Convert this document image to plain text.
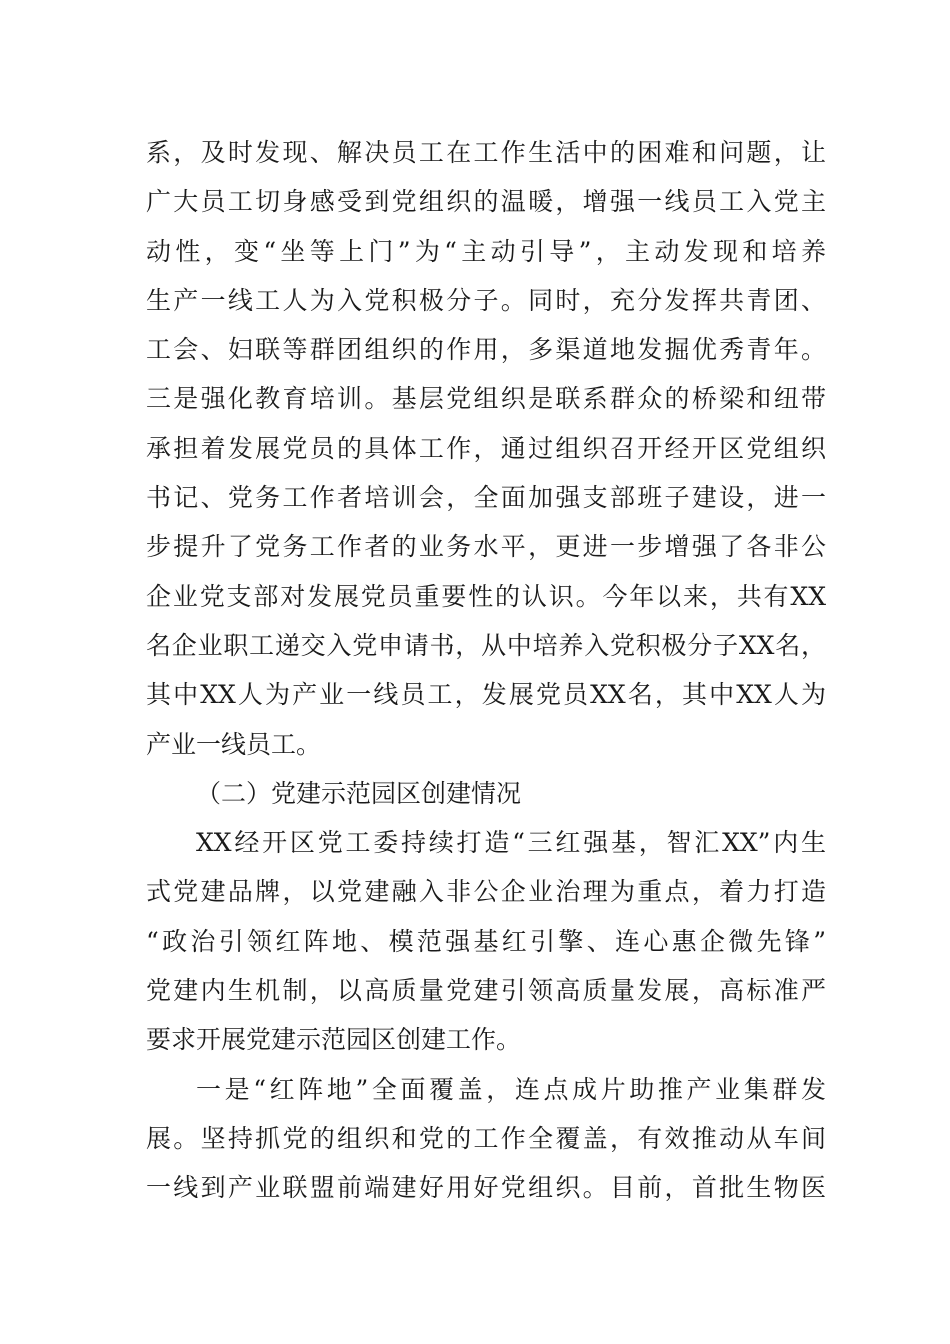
系，及时发现、解决员工在工作生活中的困难和问题，让
广大员工切身感受到党组织的温暖，增强一线员工入党主
动性，变“坐等上门”为“主动引导”，主动发现和培养
生产一线工人为入党积极分子。同时，充分发挥共青团、
工会、妇联等群团组织的作用，多渠道地发掘优秀青年。
三是强化教育培训。基层党组织是联系群众的桥梁和纽带
承担着发展党员的具体工作，通过组织召开经开区党组织
书记、党务工作者培训会，全面加强支部班子建设，进一
步提升了党务工作者的业务水平，更进一步增强了各非公
企业党支部对发展党员重要性的认识。今年以来，共有XX
名企业职工递交入党申请书，从中培养入党积极分子XX名，
其中XX人为产业一线员工，发展党员XX名，其中XX人为
产业一线员工。
（二）党建示范园区创建情况
XX经开区党工委持续打造“三红强基，智汇XX”内生
式党建品牌，以党建融入非公企业治理为重点，着力打造
“政治引领红阵地、模范强基红引擎、连心惠企微先锋”
党建内生机制，以高质量党建引领高质量发展，高标准严
要求开展党建示范园区创建工作。
一是“红阵地”全面覆盖，连点成片助推产业集群发
展。坚持抓党的组织和党的工作全覆盖，有效推动从车间
一线到产业联盟前端建好用好党组织。目前，首批生物医
